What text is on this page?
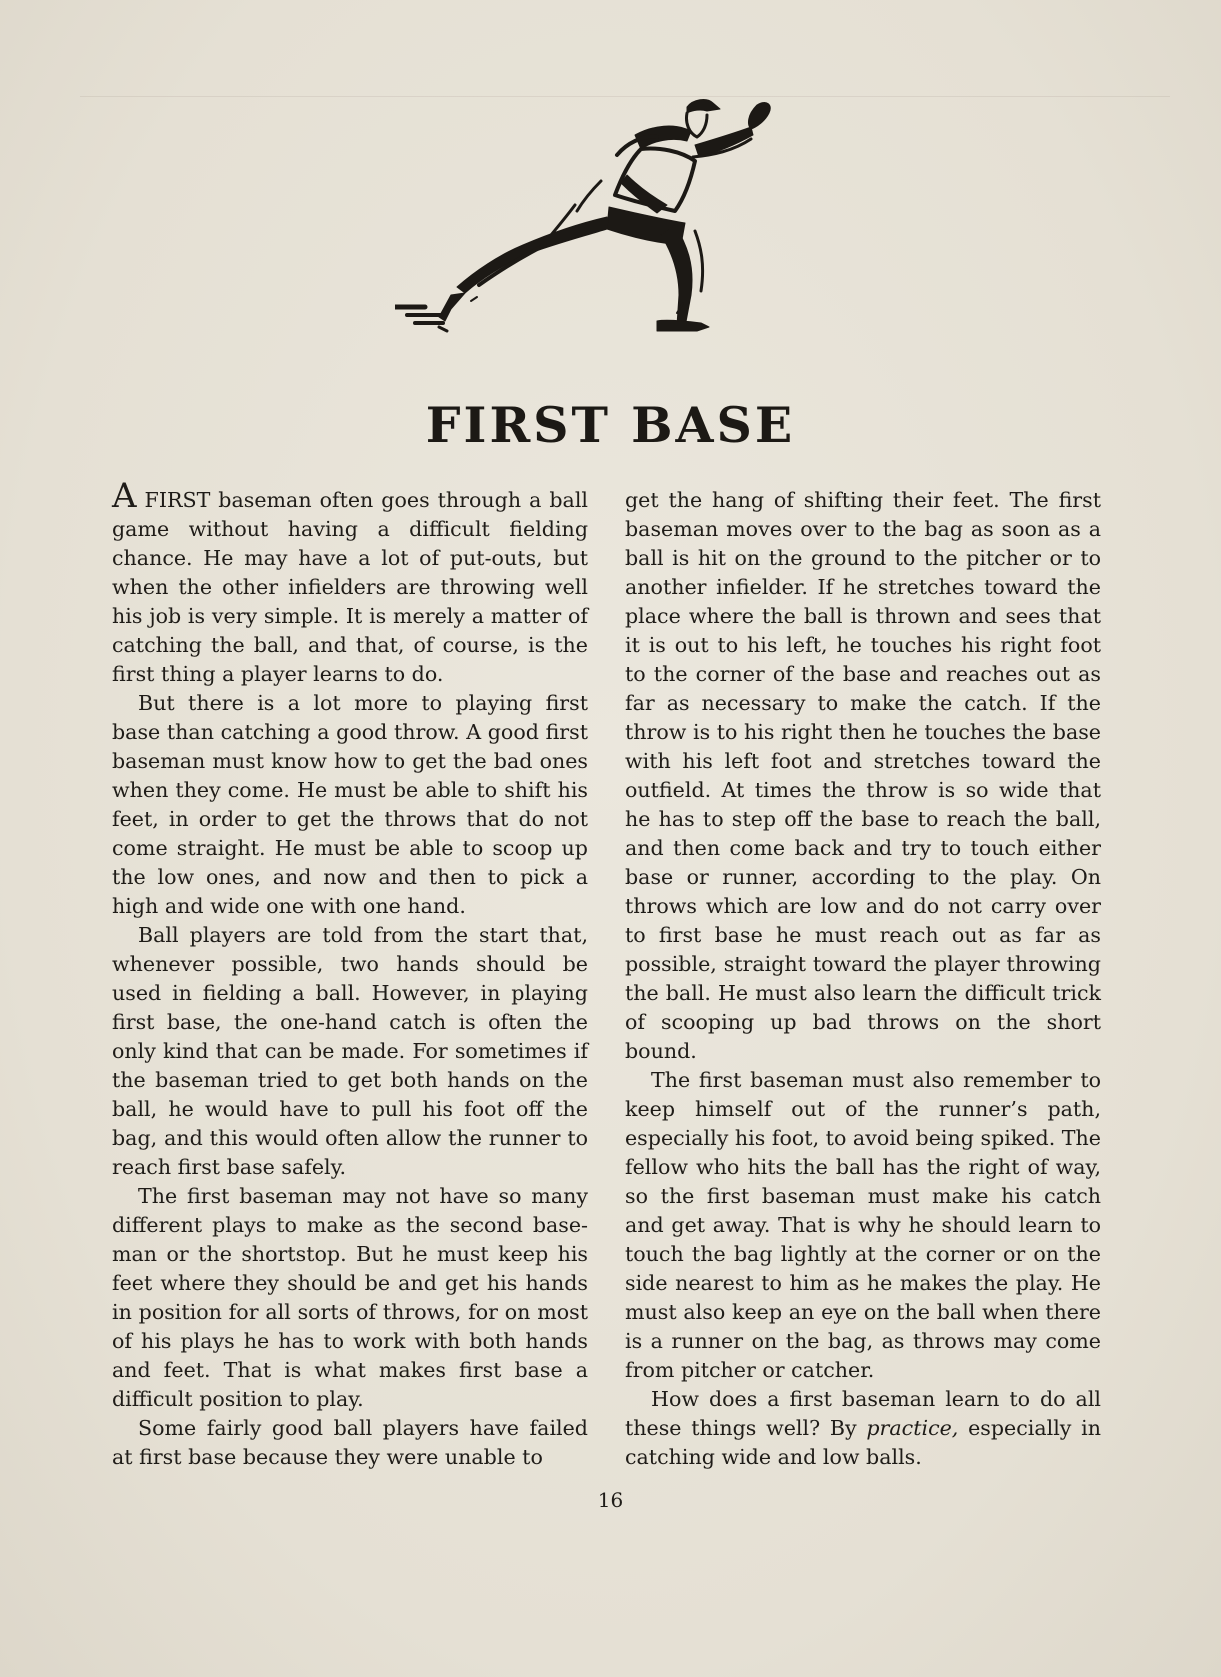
FIRST BASE

A FIRST baseman often goes through a ball game without having a difficult fielding chance. He may have a lot of put-outs, but when the other infielders are throwing well his job is very simple. It is merely a matter of catching the ball, and that, of course, is the first thing a player learns to do.

But there is a lot more to playing first base than catching a good throw. A good first baseman must know how to get the bad ones when they come. He must be able to shift his feet, in order to get the throws that do not come straight. He must be able to scoop up the low ones, and now and then to pick a high and wide one with one hand.

Ball players are told from the start that, whenever possible, two hands should be used in fielding a ball. However, in playing first base, the one-hand catch is often the only kind that can be made. For sometimes if the baseman tried to get both hands on the ball, he would have to pull his foot off the bag, and this would often allow the runner to reach first base safely.

The first baseman may not have so many different plays to make as the second base-man or the shortstop. But he must keep his feet where they should be and get his hands in position for all sorts of throws, for on most of his plays he has to work with both hands and feet. That is what makes first base a difficult position to play.

Some fairly good ball players have failed at first base because they were unable to

get the hang of shifting their feet. The first baseman moves over to the bag as soon as a ball is hit on the ground to the pitcher or to another infielder. If he stretches toward the place where the ball is thrown and sees that it is out to his left, he touches his right foot to the corner of the base and reaches out as far as necessary to make the catch. If the throw is to his right then he touches the base with his left foot and stretches toward the outfield. At times the throw is so wide that he has to step off the base to reach the ball, and then come back and try to touch either base or runner, according to the play. On throws which are low and do not carry over to first base he must reach out as far as possible, straight toward the player throwing the ball. He must also learn the difficult trick of scooping up bad throws on the short bound.

The first baseman must also remember to keep himself out of the runner’s path, especially his foot, to avoid being spiked. The fellow who hits the ball has the right of way, so the first baseman must make his catch and get away. That is why he should learn to touch the bag lightly at the corner or on the side nearest to him as he makes the play. He must also keep an eye on the ball when there is a runner on the bag, as throws may come from pitcher or catcher.

How does a first baseman learn to do all these things well? By practice, especially in catching wide and low balls.

16
